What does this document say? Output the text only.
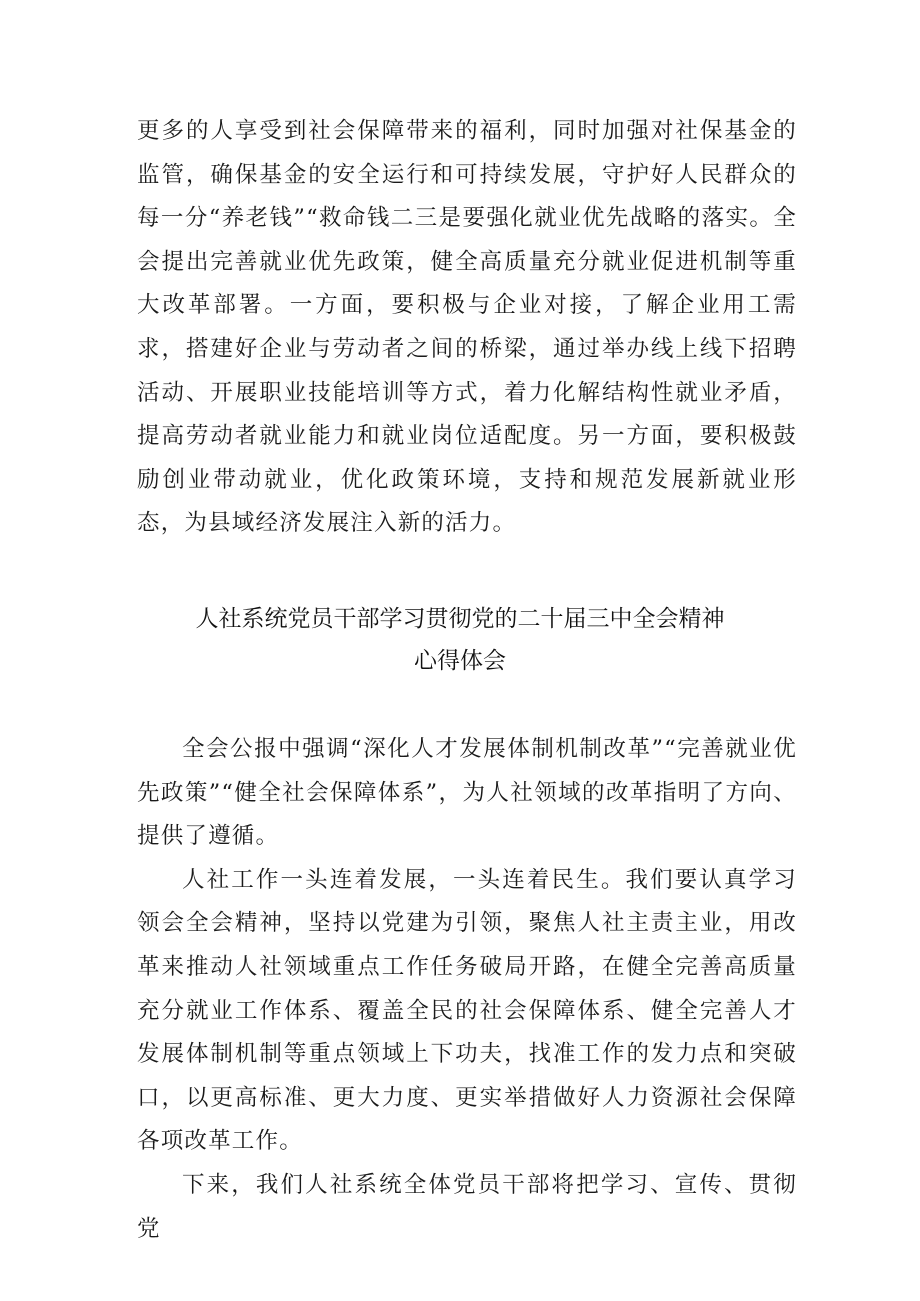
更多的人享受到社会保障带来的福利，同时加强对社保基金的监管，确保基金的安全运行和可持续发展，守护好人民群众的每一分“养老钱”“救命钱二三是要强化就业优先战略的落实。全会提出完善就业优先政策，健全高质量充分就业促进机制等重大改革部署。一方面，要积极与企业对接，了解企业用工需求，搭建好企业与劳动者之间的桥梁，通过举办线上线下招聘活动、开展职业技能培训等方式，着力化解结构性就业矛盾，提高劳动者就业能力和就业岗位适配度。另一方面，要积极鼓励创业带动就业，优化政策环境，支持和规范发展新就业形态，为县域经济发展注入新的活力。

人社系统党员干部学习贯彻党的二十届三中全会精神
心得体会

全会公报中强调“深化人才发展体制机制改革”“完善就业优先政策”“健全社会保障体系”，为人社领域的改革指明了方向、提供了遵循。

人社工作一头连着发展，一头连着民生。我们要认真学习领会全会精神，坚持以党建为引领，聚焦人社主责主业，用改革来推动人社领域重点工作任务破局开路，在健全完善高质量充分就业工作体系、覆盖全民的社会保障体系、健全完善人才发展体制机制等重点领域上下功夫，找准工作的发力点和突破口，以更高标准、更大力度、更实举措做好人力资源社会保障各项改革工作。

下来，我们人社系统全体党员干部将把学习、宣传、贯彻党
